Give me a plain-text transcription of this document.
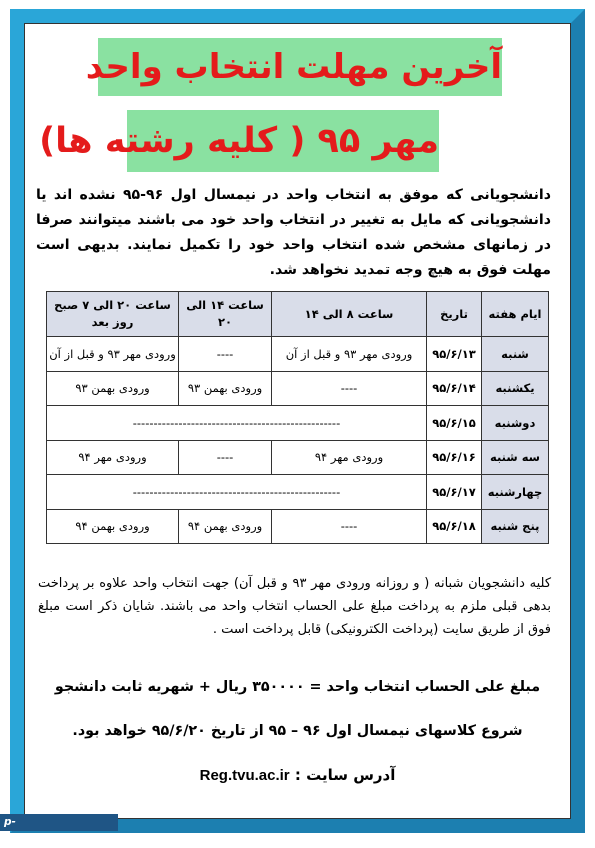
آخرین مهلت انتخاب واحد
مهر ۹۵ ( کلیه رشته ها)
دانشجویانی که موفق به انتخاب واحد در نیمسال اول ۹۶-۹۵ نشده اند یا دانشجویانی که مایل به تغییر در انتخاب واحد خود می باشند میتوانند صرفا در زمانهای مشخص شده انتخاب واحد خود را تکمیل نمایند. بدیهی است مهلت فوق به هیچ وجه تمدید نخواهد شد.
ایام هفته	تاریخ	ساعت ۸ الی ۱۴	ساعت ۱۴ الی ۲۰	ساعت ۲۰ الی ۷ صبح روز بعد
شنبه	۹۵/۶/۱۳	ورودی مهر ۹۳ و قبل از آن	----	ورودی مهر ۹۳ و قبل از آن
یکشنبه	۹۵/۶/۱۴	----	ورودی بهمن ۹۳	ورودی بهمن ۹۳
دوشنبه	۹۵/۶/۱۵	--------------------------------------------------		
سه شنبه	۹۵/۶/۱۶	ورودی مهر ۹۴	----	ورودی مهر ۹۴
چهارشنبه	۹۵/۶/۱۷	--------------------------------------------------		
پنج شنبه	۹۵/۶/۱۸	----	ورودی بهمن ۹۴	ورودی بهمن ۹۴
کلیه دانشجویان شبانه ( و روزانه ورودی مهر ۹۳ و قبل آن) جهت انتخاب واحد علاوه بر پرداخت بدهی قبلی ملزم به پرداخت مبلغ علی الحساب انتخاب واحد می باشند. شایان ذکر است مبلغ فوق از طریق سایت (پرداخت الکترونیکی) قابل پرداخت است .
مبلغ علی الحساب انتخاب واحد = ۳۵۰۰۰۰ ریال + شهریه ثابت دانشجو
شروع کلاسهای نیمسال اول ۹۶ – ۹۵ از تاریخ ۹۵/۶/۲۰ خواهد بود.
آدرس سایت : Reg.tvu.ac.ir
p-shahreza.tvu.ac.ir
